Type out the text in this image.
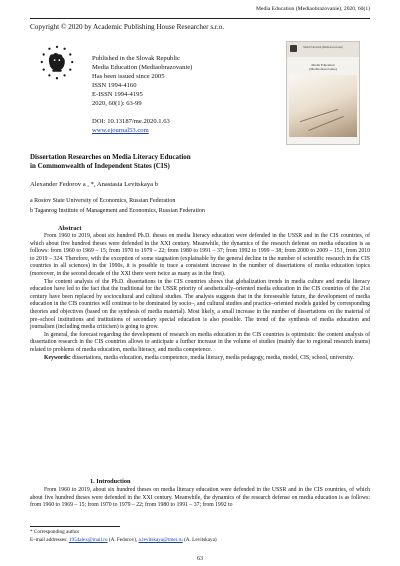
Media Education (Mediaobrazovanie), 2020, 60(1)
Copyright © 2020 by Academic Publishing House Researcher s.r.o.
Published in the Slovak Republic
Media Education (Mediaobrazovanie)
Has been issued since 2005
ISSN 1994-4160
E-ISSN 1994-4195
2020, 60(1): 63-99
DOI: 10.13187/me.2020.1.63
www.ejournal53.com
Media Education (Mediaobrazovanie)
Media Education
(Mediaobrazovanie)
Dissertation Researches on Media Literacy Education
in Commonwealth of Independent States (CIS)
Alexander Fedorov a , *, Anastasia Levitskaya b
a Rostov State University of Economics, Russian Federation
b Taganrog Institute of Management and Economics, Russian Federation
Abstract
From 1960 to 2019, about six hundred Ph.D. theses on media literacy education were defended in the USSR and in the CIS countries, of which about five hundred theses were defended in the XXI century. Meanwhile, the dynamics of the research defense on media education is as follows: from 1960 to 1969 – 15; from 1970 to 1979 – 22; from 1980 to 1991 – 37; from 1992 to 1999 – 38; from 2000 to 2009 – 151, from 2010 to 2019 – 324. Therefore, with the exception of some stagnation (explainable by the general decline in the number of scientific research in the CIS countries in all sciences) in the 1990s, it is possible to trace a consistent increase in the number of dissertations of media education topics (moreover, in the second decade of the XXI there were twice as many as in the first).
The content analysis of the Ph.D. dissertations in the CIS countries shows that globalization trends in media culture and media literacy education have led to the fact that the traditional for the USSR priority of aesthetically–oriented media education in the CIS countries of the 21st century have been replaced by sociocultural and cultural studies. The analysis suggests that in the foreseeable future, the development of media education in the CIS countries will continue to be dominated by socio–, and cultural studies and practice–oriented models guided by corresponding theories and objectives (based on the synthesis of media material). Most likely, a small increase in the number of dissertations on the material of pre–school institutions and institutions of secondary special education is also possible. The trend of the synthesis of media education and journalism (including media criticism) is going to grow.
In general, the forecast regarding the development of research on media education in the CIS countries is optimistic: the content analysis of dissertation research in the CIS countries allows to anticipate a further increase in the volume of studies (mainly due to regional research teams) related to problems of media education, media literacy, and media competence.
Keywords: dissertations, media education, media competence, media literacy, media pedagogy, media, model, CIS, school, university.
1. Introduction
From 1960 to 2019, about six hundred theses on media literacy education were defended in the USSR and in the CIS countries, of which about five hundred theses were defended in the XXI century. Meanwhile, the dynamics of the research defense on media education is as follows: from 1960 to 1969 – 15; from 1970 to 1979 – 22; from 1980 to 1991 – 37; from 1992 to
* Corresponding author
E–mail addresses: 1954alex@mail.ru (A. Fedorov), a.levitskaya@tmei.ru (A. Levitskaya)
63
